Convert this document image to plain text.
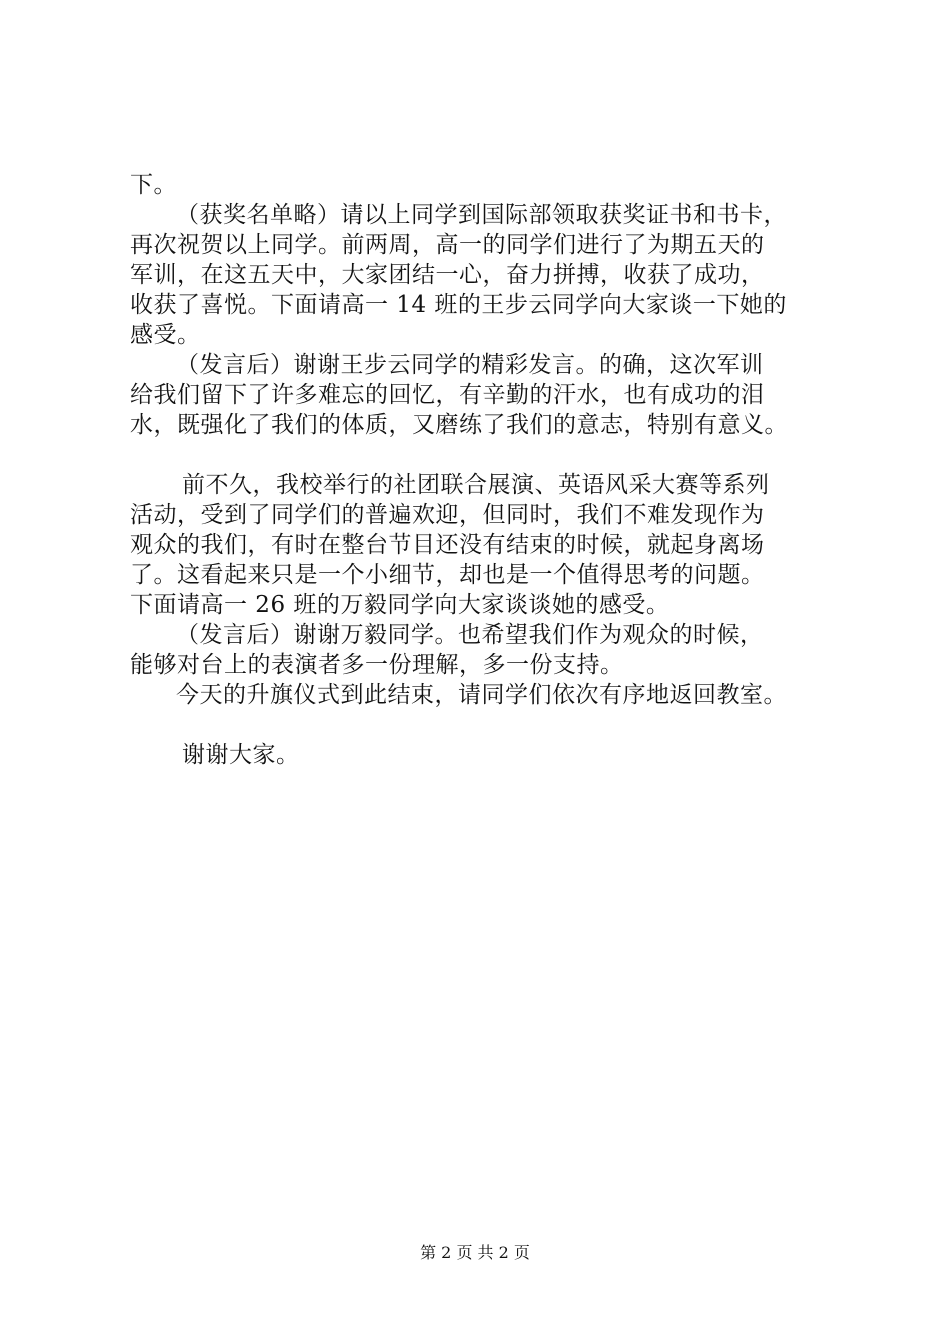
下。
（获奖名单略）请以上同学到国际部领取获奖证书和书卡，
再次祝贺以上同学。前两周，高一的同学们进行了为期五天的
军训，在这五天中，大家团结一心，奋力拼搏，收获了成功，
收获了喜悦。下面请高一 14 班的王步云同学向大家谈一下她的
感受。
（发言后）谢谢王步云同学的精彩发言。的确，这次军训
给我们留下了许多难忘的回忆，有辛勤的汗水，也有成功的泪
水，既强化了我们的体质，又磨练了我们的意志，特别有意义。
前不久，我校举行的社团联合展演、英语风采大赛等系列
活动，受到了同学们的普遍欢迎，但同时，我们不难发现作为
观众的我们，有时在整台节目还没有结束的时候，就起身离场
了。这看起来只是一个小细节，却也是一个值得思考的问题。
下面请高一 26 班的万毅同学向大家谈谈她的感受。
（发言后）谢谢万毅同学。也希望我们作为观众的时候，
能够对台上的表演者多一份理解，多一份支持。
今天的升旗仪式到此结束，请同学们依次有序地返回教室。
谢谢大家。
第 2 页 共 2 页
